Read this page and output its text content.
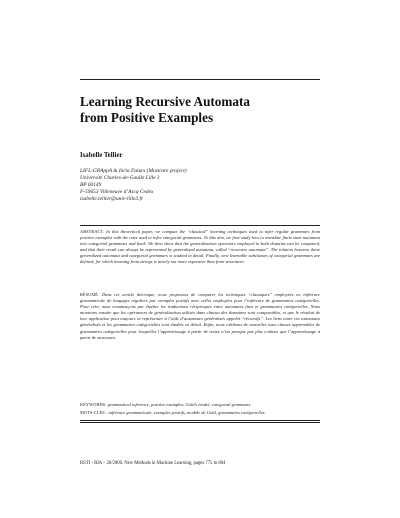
Learning Recursive Automata
from Positive Examples
Isabelle Tellier
LIFL-GRAppA & Inria Futurs (Mostrare project)
Université Charles-de-Gaulle Lille 3
BP 60149
F-59653 Villeneuve d’Ascq Cedex
isabelle.tellier@univ-lille3.fr
ABSTRACT. In this theoretical paper, we compute the “classical” learning techniques used to infer regular grammars from positive examples with the ones used to infer categorial grammars. To this aim, we first study how to translate finite state automata into categorial grammars and back. We then show that the generalization operators employed in both domains can be compared, and that their result can always be represented by generalized automata, called “recursive automata”. The relation between these generalized automata and categorial grammars is studied in detail. Finally, new learnable subclasses of categorial grammars are defined, for which learning from strings is nearly not more expensive than from structures.
RÉSUMÉ. Dans cet article théorique, nous proposons de comparer les techniques “classiques” employées en inférence grammaticale de langages réguliers par exemples positifs avec celles employées pour l’inférence de grammaires catégorielles. Pour cela, nous commençons par étudier les traductions réciproques entre automates finis et grammaires catégorielles. Nous montrons ensuite que les opérateurs de généralisation utilisés dans chacun des domaines sont comparables, et que le résultat de leur application peut toujours se représenter à l’aide d’automates généralisés appelés “récursifs”. Les liens entre ces automates généralisés et les grammaires catégorielles sont étudiés en détail. Enfin, nous exhibons de nouvelles sous-classes apprenables de grammaires catégorielles pour lesquelles l’apprentissage à partir de textes n’est presque pas plus coûteux que l’apprentissage à partir de structures.
KEYWORDS: grammatical inference, positive examples, Gold’s model, categorial grammars.
MOTS-CLÉS : inférence grammaticale, exemples positifs, modèle de Gold, grammaires catégorielles.
RSTI - RIA – 20/2006. New Methods in Machine Learning, pages 775 to 804
